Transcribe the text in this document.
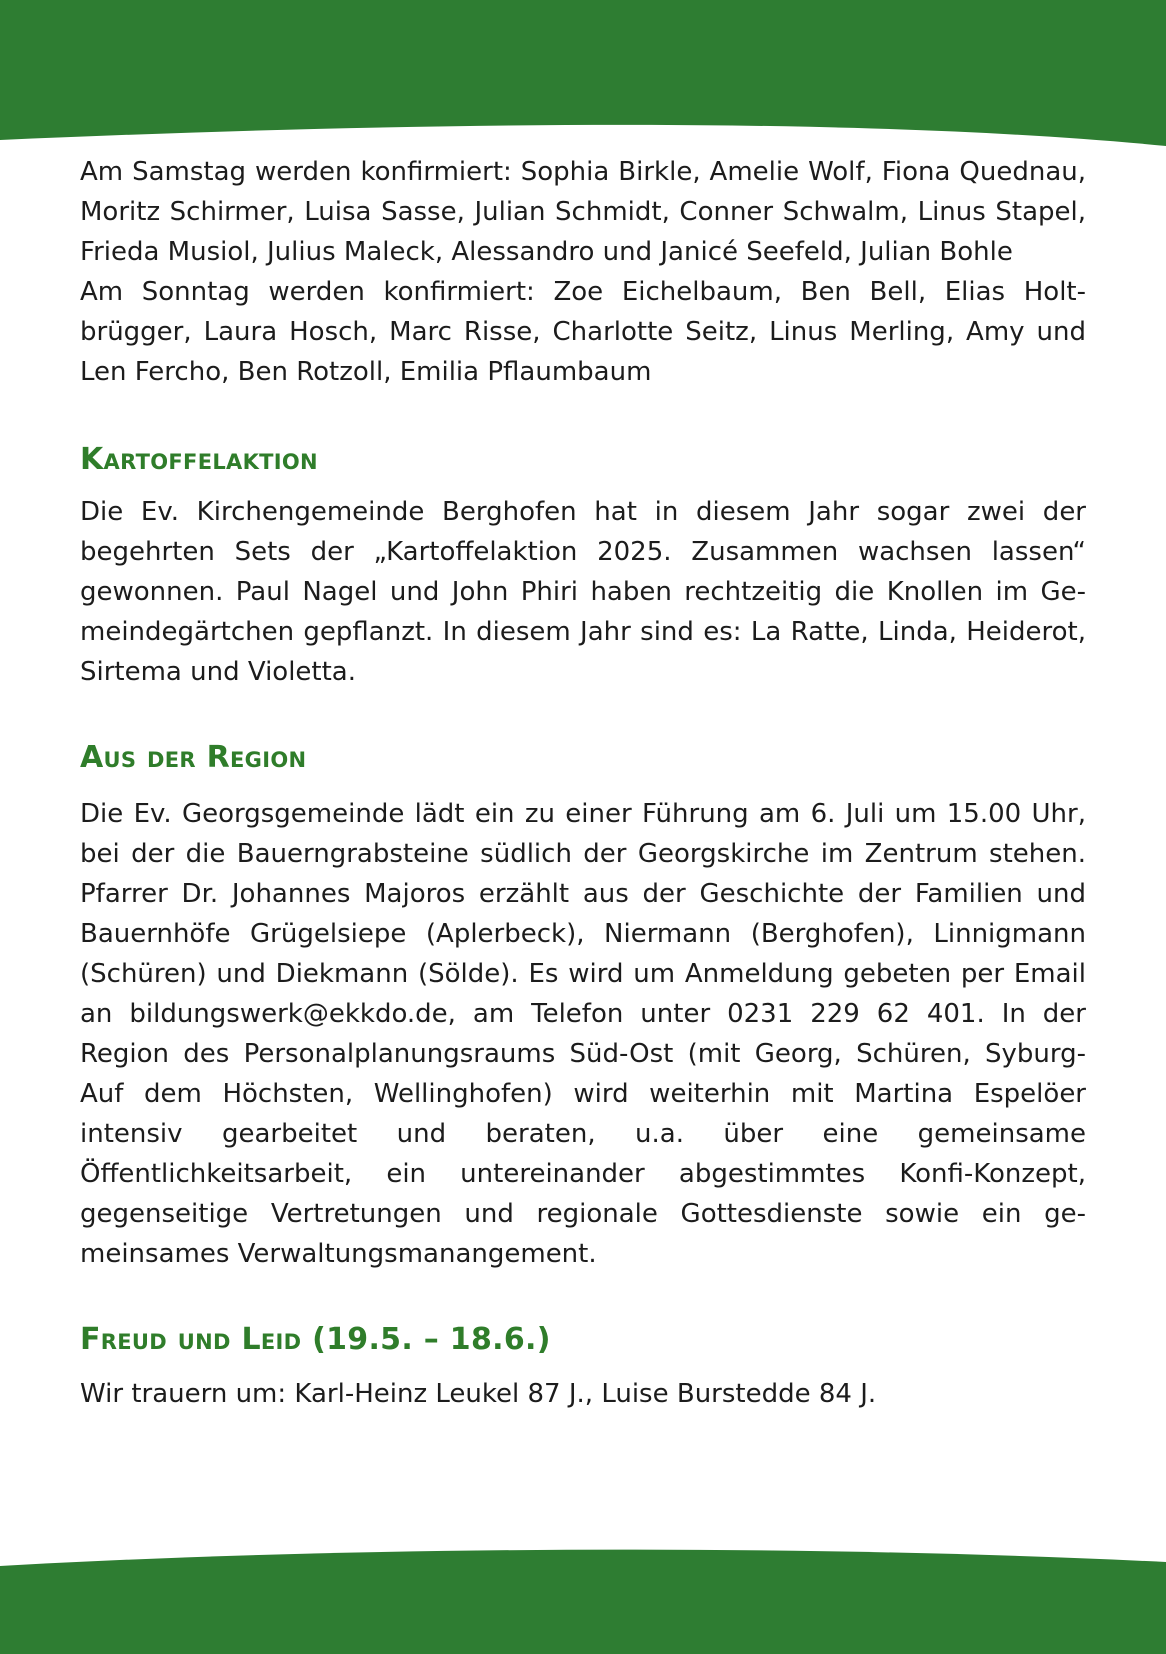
Am Samstag werden konfirmiert: Sophia Birkle, Amelie Wolf, Fiona Quednau, Moritz Schirmer, Luisa Sasse, Julian Schmidt, Conner Schwalm, Linus Stapel, Frieda Musiol, Julius Maleck, Alessandro und Janicé Seefeld, Julian Bohle

Am Sonntag werden konfirmiert: Zoe Eichelbaum, Ben Bell, Elias Holtbrügger, Laura Hosch, Marc Risse, Charlotte Seitz, Linus Merling, Amy und Len Fercho, Ben Rotzoll, Emilia Pflaumbaum

Kartoffelaktion

Die Ev. Kirchengemeinde Berghofen hat in diesem Jahr sogar zwei der begehrten Sets der „Kartoffelaktion 2025. Zusammen wachsen lassen“ gewonnen. Paul Nagel und John Phiri haben rechtzeitig die Knollen im Gemeindegärtchen gepflanzt. In diesem Jahr sind es: La Ratte, Linda, Heiderot, Sirtema und Violetta.

Aus der Region

Die Ev. Georgsgemeinde lädt ein zu einer Führung am 6. Juli um 15.00 Uhr, bei der die Bauerngrabsteine südlich der Georgskirche im Zentrum stehen. Pfarrer Dr. Johannes Majoros erzählt aus der Geschichte der Familien und Bauernhöfe Grügelsiepe (Aplerbeck), Niermann (Berghofen), Linnigmann (Schüren) und Diekmann (Sölde). Es wird um Anmeldung gebeten per Email an bildungswerk@ekkdo.de, am Telefon unter 0231 229 62 401. In der Region des Personalplanungsraums Süd-Ost (mit Georg, Schüren, Syburg-Auf dem Höchsten, Wellinghofen) wird weiterhin mit Martina Espelöer intensiv gearbeitet und beraten, u.a. über eine gemeinsame Öffentlichkeitsarbeit, ein untereinander abgestimmtes Konfi-Konzept, gegenseitige Vertretungen und regionale Gottesdienste sowie ein gemeinsames Verwaltungsmanangement.

Freud und Leid (19.5. – 18.6.)

Wir trauern um: Karl-Heinz Leukel 87 J., Luise Burstedde 84 J.
